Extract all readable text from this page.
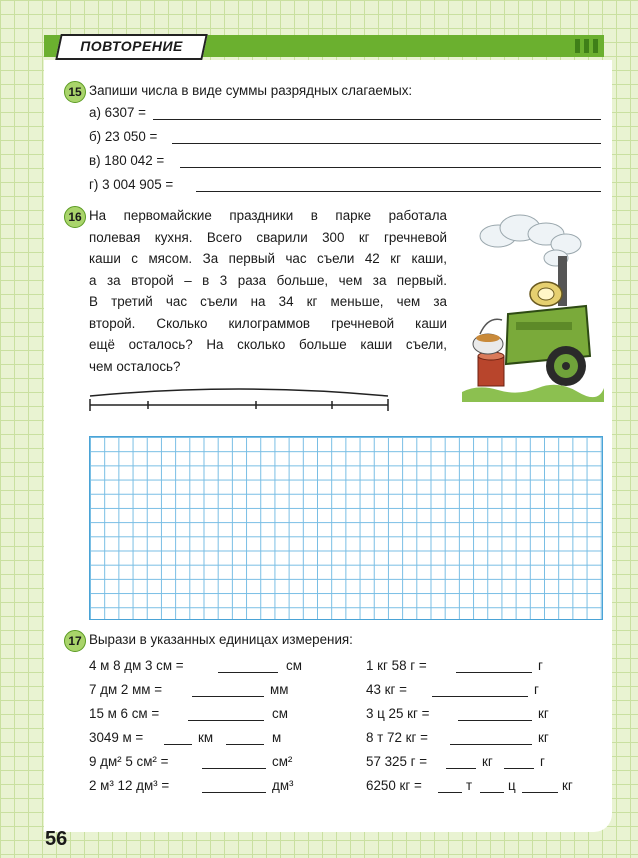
ПОВТОРЕНИЕ
15 Запиши числа в виде суммы разрядных слагаемых:
а) 6307 =
б) 23 050 =
в) 180 042 =
г) 3 004 905 =
16 На первомайские праздники в парке работала
полевая кухня. Всего сварили 300 кг гречневой
каши с мясом. За первый час съели 42 кг каши,
а за второй – в 3 раза больше, чем за первый.
В третий час съели на 34 кг меньше, чем за
второй. Сколько килограммов гречневой каши
ещё осталось? На сколько больше каши съели,
чем осталось?
17 Вырази в указанных единицах измерения:
4 м 8 дм 3 см =	см
7 дм 2 мм =	мм
15 м 6 см =	см
3049 м =	км	м
9 дм² 5 см² =	см²
2 м³ 12 дм³ =	дм³
1 кг 58 г =	г
43 кг =	г
3 ц 25 кг =	кг
8 т 72 кг =	кг
57 325 г =	кг	г
6250 кг =	т	ц	кг
56
